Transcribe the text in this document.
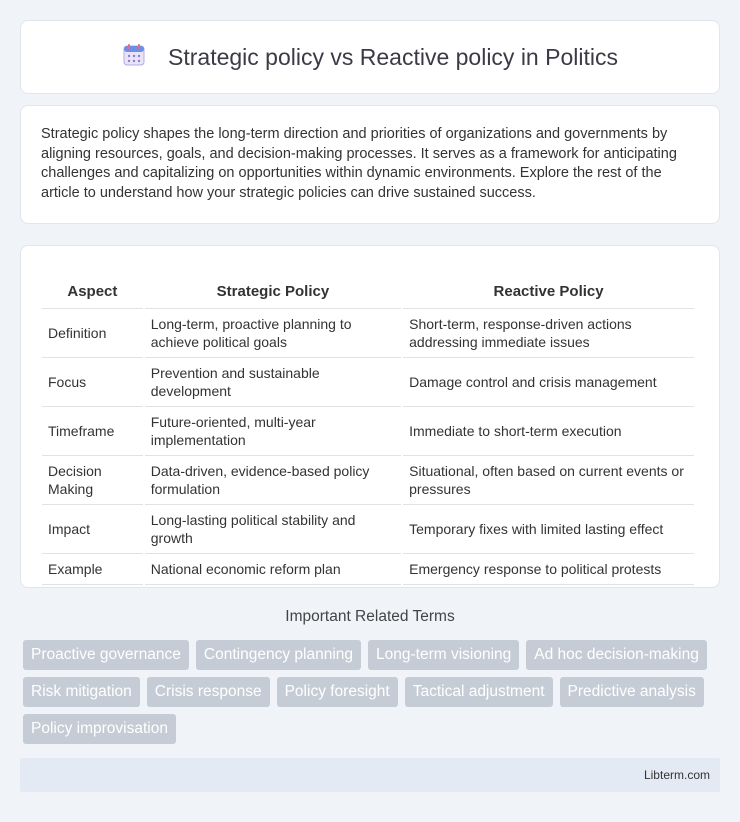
Strategic policy vs Reactive policy in Politics

Strategic policy shapes the long-term direction and priorities of organizations and governments by aligning resources, goals, and decision-making processes. It serves as a framework for anticipating challenges and capitalizing on opportunities within dynamic environments. Explore the rest of the article to understand how your strategic policies can drive sustained success.

Aspect	Strategic Policy	Reactive Policy
Definition	Long-term, proactive planning to achieve political goals	Short-term, response-driven actions addressing immediate issues
Focus	Prevention and sustainable development	Damage control and crisis management
Timeframe	Future-oriented, multi-year implementation	Immediate to short-term execution
Decision Making	Data-driven, evidence-based policy formulation	Situational, often based on current events or pressures
Impact	Long-lasting political stability and growth	Temporary fixes with limited lasting effect
Example	National economic reform plan	Emergency response to political protests
Important Related Terms
Proactive governance	Contingency planning	Long-term visioning	Ad hoc decision-making
Risk mitigation	Crisis response	Policy foresight	Tactical adjustment	Predictive analysis
Policy improvisation
Libterm.com
